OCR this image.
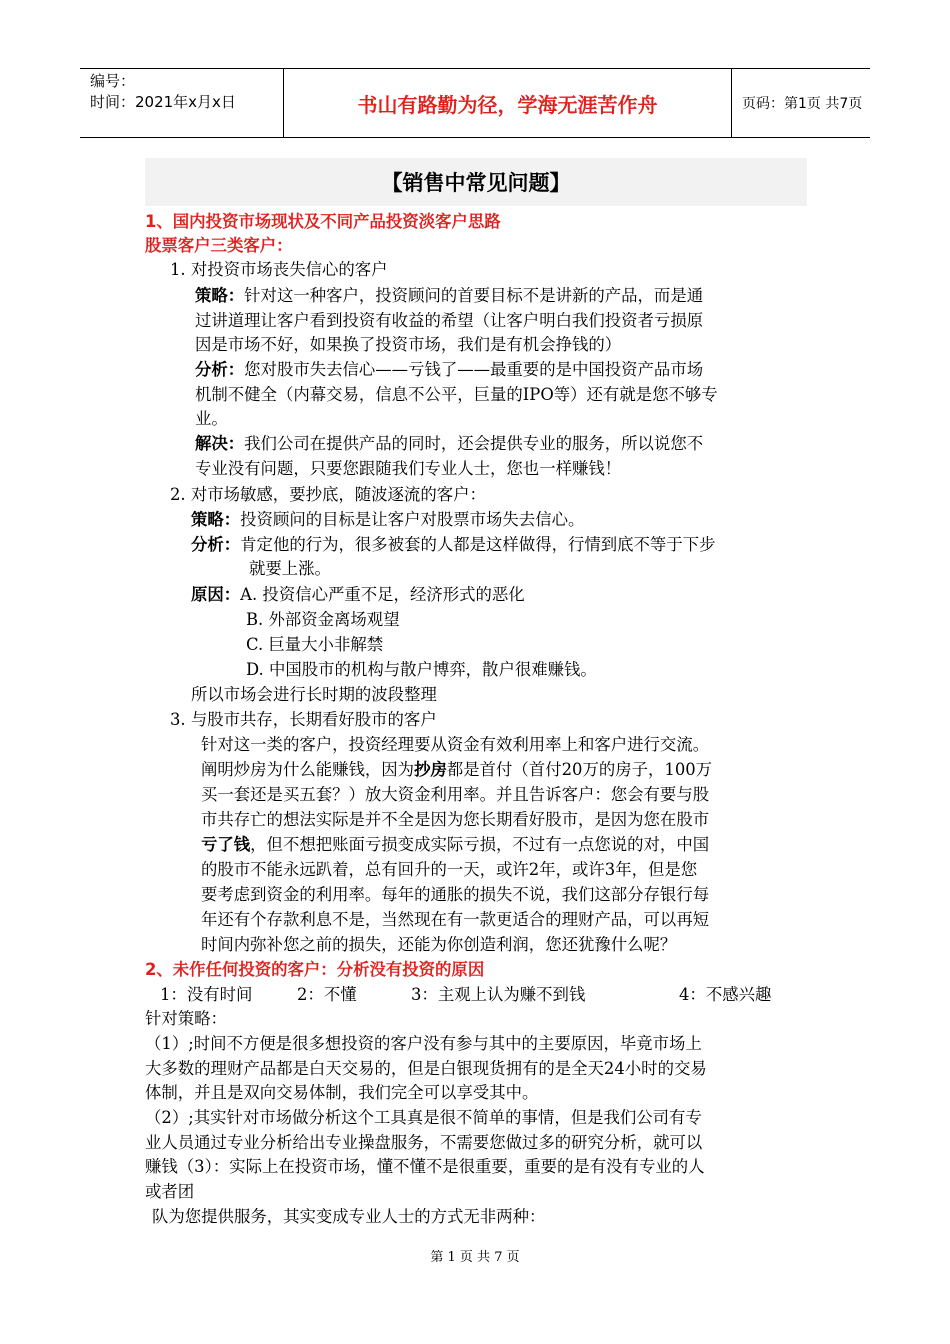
编号：
时间：2021年x月x日	书山有路勤为径，学海无涯苦作舟	页码：第1页 共7页
【销售中常见问题】
1、国内投资市场现状及不同产品投资淡客户思路
股票客户三类客户：
1. 对投资市场丧失信心的客户
策略：针对这一种客户，投资顾问的首要目标不是讲新的产品，而是通
过讲道理让客户看到投资有收益的希望（让客户明白我们投资者亏损原
因是市场不好，如果换了投资市场，我们是有机会挣钱的）
分析：您对股市失去信心——亏钱了——最重要的是中国投资产品市场
机制不健全（内幕交易，信息不公平，巨量的IPO等）还有就是您不够专
业。
解决：我们公司在提供产品的同时，还会提供专业的服务，所以说您不
专业没有问题，只要您跟随我们专业人士，您也一样赚钱！
2. 对市场敏感，要抄底，随波逐流的客户：
策略：投资顾问的目标是让客户对股票市场失去信心。
分析：肯定他的行为，很多被套的人都是这样做得，行情到底不等于下步
就要上涨。
原因：A. 投资信心严重不足，经济形式的恶化
B. 外部资金离场观望
C. 巨量大小非解禁
D. 中国股市的机构与散户博弈，散户很难赚钱。
所以市场会进行长时期的波段整理
3. 与股市共存，长期看好股市的客户
针对这一类的客户，投资经理要从资金有效利用率上和客户进行交流。
阐明炒房为什么能赚钱，因为抄房都是首付（首付20万的房子，100万
买一套还是买五套？）放大资金利用率。并且告诉客户：您会有要与股
市共存亡的想法实际是并不全是因为您长期看好股市，是因为您在股市
亏了钱，但不想把账面亏损变成实际亏损，不过有一点您说的对，中国
的股市不能永远趴着，总有回升的一天，或许2年，或许3年，但是您
要考虑到资金的利用率。每年的通胀的损失不说，我们这部分存银行每
年还有个存款利息不是，当然现在有一款更适合的理财产品，可以再短
时间内弥补您之前的损失，还能为你创造利润，您还犹豫什么呢？
2、未作任何投资的客户：分析没有投资的原因
1：没有时间	2：不懂	3：主观上认为赚不到钱	4：不感兴趣
针对策略：
（1）;时间不方便是很多想投资的客户没有参与其中的主要原因，毕竟市场上
大多数的理财产品都是白天交易的，但是白银现货拥有的是全天24小时的交易
体制，并且是双向交易体制，我们完全可以享受其中。
（2）;其实针对市场做分析这个工具真是很不简单的事情，但是我们公司有专
业人员通过专业分析给出专业操盘服务，不需要您做过多的研究分析，就可以
赚钱（3）：实际上在投资市场，懂不懂不是很重要，重要的是有没有专业的人
或者团
队为您提供服务，其实变成专业人士的方式无非两种：
第 1 页 共 7 页
